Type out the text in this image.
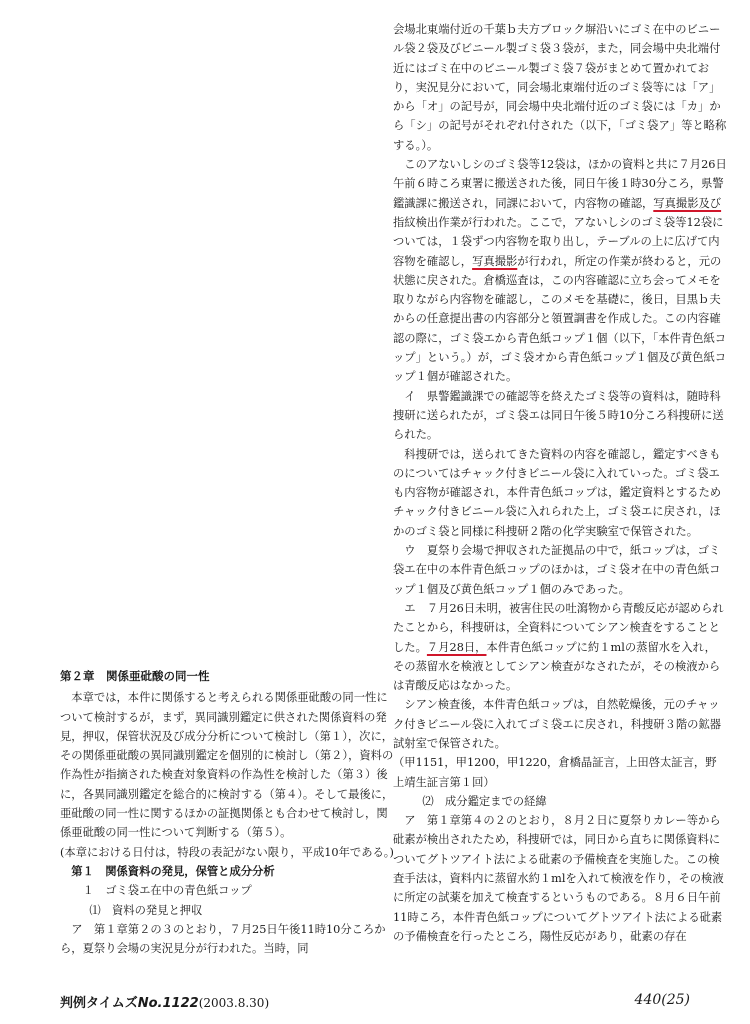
第２章　関係亜砒酸の同一性

本章では，本件に関係すると考えられる関係亜砒酸の同一性について検討するが，まず，異同識別鑑定に供された関係資料の発見，押収，保管状況及び成分分析について検討し（第１），次に，その関係亜砒酸の異同識別鑑定を個別的に検討し（第２），資料の作為性が指摘された検査対象資料の作為性を検討した（第３）後に，各異同識別鑑定を総合的に検討する（第４）。そして最後に，亜砒酸の同一性に関するほかの証拠関係とも合わせて検討し，関係亜砒酸の同一性について判断する（第５）。

(本章における日付は，特段の表記がない限り，平成10年である。)

第１　関係資料の発見，保管と成分分析

１　ゴミ袋エ在中の青色紙コップ

⑴　資料の発見と押収

ア　第１章第２の３のとおり，７月25日午後11時10分ころから，夏祭り会場の実況見分が行われた。当時，同

会場北東端付近の千葉ｂ夫方ブロック塀沿いにゴミ在中のビニール袋２袋及びビニール製ゴミ袋３袋が，また，同会場中央北端付近にはゴミ在中のビニール製ゴミ袋７袋がまとめて置かれており，実況見分において，同会場北東端付近のゴミ袋等には「ア」から「オ」の記号が，同会場中央北端付近のゴミ袋には「カ」から「シ」の記号がそれぞれ付された（以下，「ゴミ袋ア」等と略称する。）。

このアないしシのゴミ袋等12袋は，ほかの資料と共に７月26日午前６時ころ東署に搬送された後，同日午後１時30分ころ，県警鑑識課に搬送され，同課において，内容物の確認，写真撮影及び指紋検出作業が行われた。ここで，アないしシのゴミ袋等12袋については，１袋ずつ内容物を取り出し，テーブルの上に広げて内容物を確認し，写真撮影が行われ，所定の作業が終わると，元の状態に戻された。倉橋巡査は，この内容確認に立ち会ってメモを取りながら内容物を確認し，このメモを基礎に，後日，目黒ｂ夫からの任意提出書の内容部分と領置調書を作成した。この内容確認の際に，ゴミ袋エから青色紙コップ１個（以下，「本件青色紙コップ」という。）が，ゴミ袋オから青色紙コップ１個及び黄色紙コップ１個が確認された。

イ　県警鑑識課での確認等を終えたゴミ袋等の資料は，随時科捜研に送られたが，ゴミ袋エは同日午後５時10分ころ科捜研に送られた。

科捜研では，送られてきた資料の内容を確認し，鑑定すべきものについてはチャック付きビニール袋に入れていった。ゴミ袋エも内容物が確認され，本件青色紙コップは，鑑定資料とするためチャック付きビニール袋に入れられた上，ゴミ袋エに戻され，ほかのゴミ袋と同様に科捜研２階の化学実験室で保管された。

ウ　夏祭り会場で押収された証拠品の中で，紙コップは，ゴミ袋エ在中の本件青色紙コップのほかは，ゴミ袋オ在中の青色紙コップ１個及び黄色紙コップ１個のみであった。

エ　７月26日未明，被害住民の吐瀉物から青酸反応が認められたことから，科捜研は，全資料についてシアン検査をすることとした。７月28日，本件青色紙コップに約１mlの蒸留水を入れ，その蒸留水を検液としてシアン検査がなされたが，その検液からは青酸反応はなかった。

シアン検査後，本件青色紙コップは，自然乾燥後，元のチャック付きビニール袋に入れてゴミ袋エに戻され，科捜研３階の鉱器試射室で保管された。

（甲1151，甲1200，甲1220，倉橋晶証言，上田啓太証言，野上靖生証言第１回）

⑵　成分鑑定までの経緯

ア　第１章第４の２のとおり，８月２日に夏祭りカレー等から砒素が検出されたため，科捜研では，同日から直ちに関係資料についてグトツアイト法による砒素の予備検査を実施した。この検査手法は，資料内に蒸留水約１mlを入れて検液を作り，その検液に所定の試薬を加えて検査するというものである。８月６日午前11時ころ，本件青色紙コップについてグトツアイト法による砒素の予備検査を行ったところ，陽性反応があり，砒素の存在

判例タイムズNo.1122(2003.8.30)	440(25)
